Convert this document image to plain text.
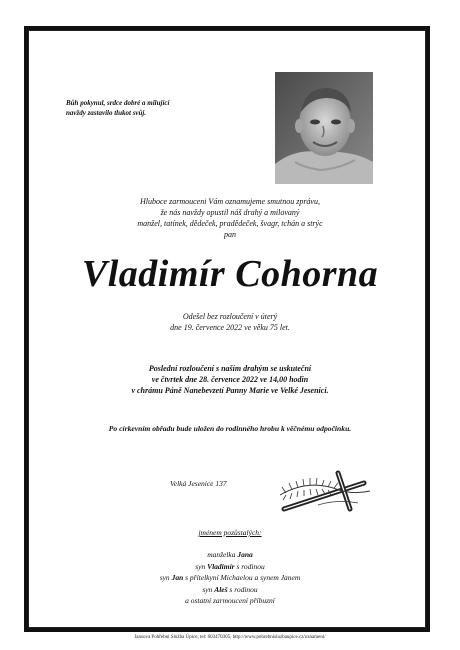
Bůh pokynul, srdce dobré a milující
navždy zastavilo tlukot svůj.
Hluboce zarmouceni Vám oznamujeme smutnou zprávu,
že nás navždy opustil náš drahý a milovaný
manžel, tatínek, dědeček, pradědeček, švagr, tchán a strýc
pan
Vladimír Cohorna
Odešel bez rozloučení v úterý
dne 19. července 2022 ve věku 75 let.
Poslední rozloučení s naším drahým se uskuteční
ve čtvrtek dne 28. července 2022 ve 14,00 hodin
v chrámu Páně Nanebevzetí Panny Marie ve Velké Jesenici.
Po církevním obřadu bude uložen do rodinného hrobu k věčnému odpočinku.
Velká Jesenice 137
jménem pozůstalých:
manželka Jana
syn Vladimír s rodinou
syn Jan s přítelkyní Michaelou a synem Janem
syn Aleš s rodinou
a ostatní zarmoucení příbuzní
Jansova Pohřební Služba Úpice, tel: 603470305, http://www.pohrebnisluzbaupice.cz/oznameni/
